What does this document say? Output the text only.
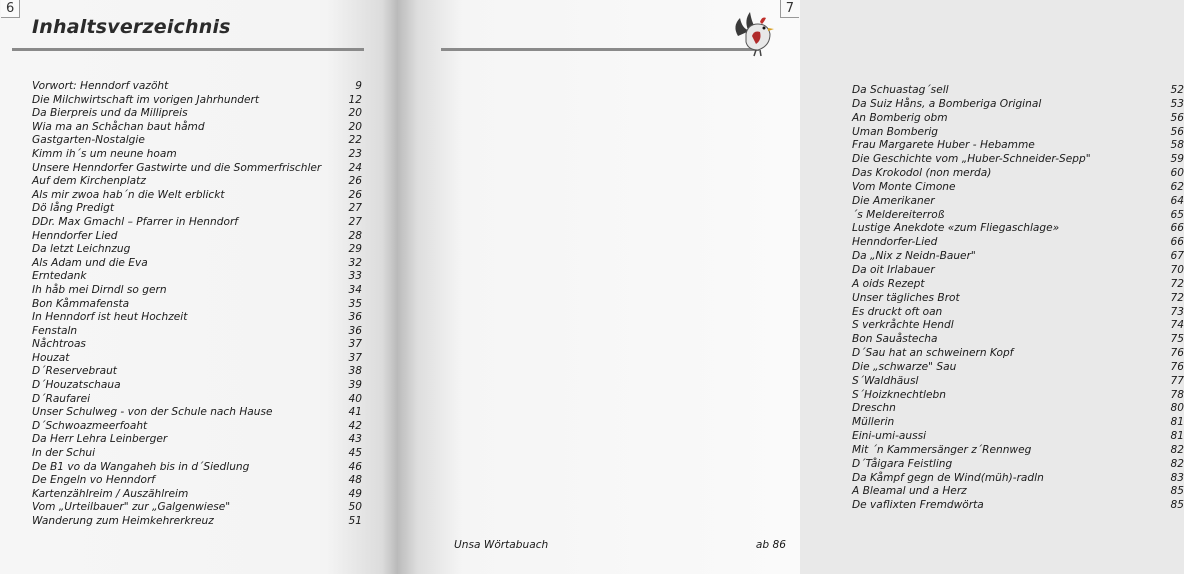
6
Inhaltsverzeichnis
Vorwort: Henndorf vazöht	9
Die Milchwirtschaft im vorigen Jahrhundert	12
Da Bierpreis und da Millipreis	20
Wia ma an Schåchan baut håmd	20
Gastgarten-Nostalgie	22
Kimm ih´s um neune hoam	23
Unsere Henndorfer Gastwirte und die Sommerfrischler	24
Auf dem Kirchenplatz	26
Als mir zwoa hab´n die Welt erblickt	26
Dö lång Predigt	27
DDr. Max Gmachl – Pfarrer in Henndorf	27
Henndorfer Lied	28
Da letzt Leichnzug	29
Als Adam und die Eva	32
Erntedank	33
Ih håb mei Dirndl so gern	34
Bon Kåmmafensta	35
In Henndorf ist heut Hochzeit	36
Fenstaln	36
Nåchtroas	37
Houzat	37
D´Reservebraut	38
D´Houzatschaua	39
D´Raufarei	40
Unser Schulweg - von der Schule nach Hause	41
D´Schwoazmeerfoaht	42
Da Herr Lehra Leinberger	43
In der Schui	45
De B1 vo da Wangaheh bis in d´Siedlung	46
De Engeln vo Henndorf	48
Kartenzählreim / Auszählreim	49
Vom „Urteilbauer" zur „Galgenwiese"	50
Wanderung zum Heimkehrerkreuz	51
7
Da Schuastag´sell	52
Da Suiz Håns, a Bomberiga Original	53
An Bomberig obm	56
Uman Bomberig	56
Frau Margarete Huber - Hebamme	58
Die Geschichte vom „Huber-Schneider-Sepp"	59
Das Krokodol (non merda)	60
Vom Monte Cimone	62
Die Amerikaner	64
´s Meldereiterroß	65
Lustige Anekdote «zum Fliegaschlage»	66
Henndorfer-Lied	66
Da „Nix z Neidn-Bauer"	67
Da oit Irlabauer	70
A oids Rezept	72
Unser tägliches Brot	72
Es druckt oft oan	73
S verkråchte Hendl	74
Bon Sauåstecha	75
D´Sau hat an schweinern Kopf	76
Die „schwarze" Sau	76
S´Waldhäusl	77
S´Hoizknechtlebn	78
Dreschn	80
Müllerin	81
Eini-umi-aussi	81
Mit ´n Kammersänger z´Rennweg	82
D´Tåigara Feistling	82
Da Kåmpf gegn de Wind(müh)-radln	83
A Bleamal und a Herz	85
De vaflixten Fremdwörta	85
Unsa Wörtabuach	ab 86
